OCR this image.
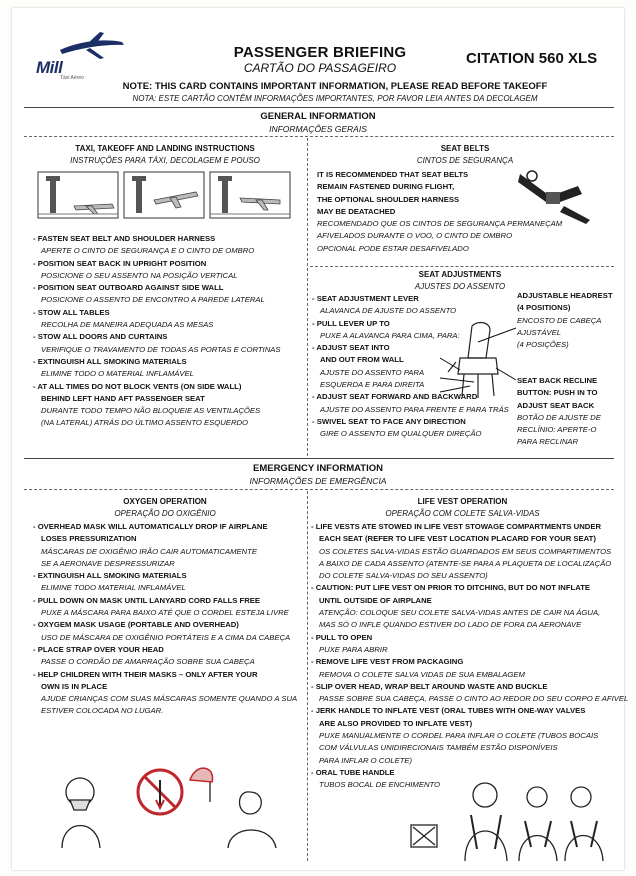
Mill
Táxi Aéreo
PASSENGER BRIEFING
CARTÃO DO PASSAGEIRO
CITATION 560 XLS
NOTE: THIS CARD CONTAINS IMPORTANT INFORMATION, PLEASE READ BEFORE TAKEOFF
NOTA: ESTE CARTÃO CONTÊM INFORMAÇÕES IMPORTANTES, POR FAVOR LEIA ANTES DA DECOLAGEM
GENERAL INFORMATION
INFORMAÇÕES GERAIS
TAXI, TAKEOFF AND LANDING INSTRUCTIONS
INSTRUÇÕES PARA TÁXI, DECOLAGEM E POUSO
- FASTEN SEAT BELT AND SHOULDER HARNESS
APERTE O CINTO DE SEGURANÇA E O CINTO DE OMBRO
- POSITION SEAT BACK IN UPRIGHT POSITION
POSICIONE O SEU ASSENTO NA POSIÇÃO VERTICAL
- POSITION SEAT OUTBOARD AGAINST SIDE WALL
POSICIONE O ASSENTO DE ENCONTRO A PAREDE LATERAL
- STOW ALL TABLES
RECOLHA DE MANEIRA ADEQUADA AS MESAS
- STOW ALL DOORS AND CURTAINS
VERIFIQUE O TRAVAMENTO DE TODAS AS PORTAS E CORTINAS
- EXTINGUISH ALL SMOKING MATERIALS
ELIMINE TODO O MATERIAL INFLAMÁVEL
- AT ALL TIMES DO NOT BLOCK VENTS (ON SIDE WALL)
BEHIND LEFT HAND AFT PASSENGER SEAT
DURANTE TODO TEMPO NÃO BLOQUEIE AS VENTILAÇÕES
(NA LATERAL) ATRÁS DO ÚLTIMO ASSENTO ESQUERDO
SEAT BELTS
CINTOS DE SEGURANÇA
IT IS RECOMMENDED THAT SEAT BELTS
REMAIN FASTENED DURING FLIGHT,
THE OPTIONAL SHOULDER HARNESS
MAY BE DEATACHED
RECOMENDADO QUE OS CINTOS DE SEGURANÇA PERMANEÇAM
AFIVELADOS DURANTE O VOO, O CINTO DE OMBRO
OPCIONAL PODE ESTAR DESAFIVELADO
SEAT ADJUSTMENTS
AJUSTES DO ASSENTO
- SEAT ADJUSTMENT LEVER
ALAVANCA DE AJUSTE DO ASSENTO
- PULL LEVER UP TO
PUXE A ALAVANCA PARA CIMA, PARA:
- ADJUST SEAT INTO
AND OUT FROM WALL
AJUSTE DO ASSENTO PARA
ESQUERDA E PARA DIREITA
- ADJUST SEAT FORWARD AND BACKWARD
AJUSTE DO ASSENTO PARA FRENTE E PARA TRÁS
- SWIVEL SEAT TO FACE ANY DIRECTION
GIRE O ASSENTO EM QUALQUER DIREÇÃO
ADJUSTABLE HEADREST
(4 POSITIONS)
ENCOSTO DE CABEÇA
AJUSTÁVEL
(4 POSIÇÕES)
SEAT BACK RECLINE
BUTTON: PUSH IN TO
ADJUST SEAT BACK
BOTÃO DE AJUSTE DE
RECLÍNIO: APERTE-O
PARA RECLINAR
EMERGENCY INFORMATION
INFORMAÇÕES DE EMERGÊNCIA
OXYGEN OPERATION
OPERAÇÃO DO OXIGÊNIO
- OVERHEAD MASK WILL AUTOMATICALLY DROP IF AIRPLANE
LOSES PRESSURIZATION
MÁSCARAS DE OXIGÊNIO IRÃO CAIR AUTOMATICAMENTE
SE A AERONAVE DESPRESSURIZAR
- EXTINGUISH ALL SMOKING MATERIALS
ELIMINE TODO MATERIAL INFLAMÁVEL
- PULL DOWN ON MASK UNTIL LANYARD CORD FALLS FREE
PUXE A MÁSCARA PARA BAIXO ATÉ QUE O CORDEL ESTEJA LIVRE
- OXYGEM MASK USAGE (PORTABLE AND OVERHEAD)
USO DE MÁSCARA DE OXIGÊNIO PORTÁTEIS E A CIMA DA CABEÇA
- PLACE STRAP OVER YOUR HEAD
PASSE O CORDÃO DE AMARRAÇÃO SOBRE SUA CABEÇA
- HELP CHILDREN WITH THEIR MASKS – ONLY AFTER YOUR
OWN IS IN PLACE
AJUDE CRIANÇAS COM SUAS MÁSCARAS SOMENTE QUANDO A SUA
ESTIVER COLOCADA NO LUGAR.
LIFE VEST OPERATION
OPERAÇÃO COM COLETE SALVA-VIDAS
- LIFE VESTS ATE STOWED IN LIFE VEST STOWAGE COMPARTMENTS UNDER
EACH SEAT (REFER TO LIFE VEST LOCATION PLACARD FOR YOUR SEAT)
OS COLETES SALVA-VIDAS ESTÃO GUARDADOS EM SEUS COMPARTIMENTOS
A BAIXO DE CADA ASSENTO (ATENTE-SE PARA A PLAQUETA DE LOCALIZAÇÃO
DO COLETE SALVA-VIDAS DO SEU ASSENTO)
- CAUTION: PUT LIFE VEST ON PRIOR TO DITCHING, BUT DO NOT INFLATE
UNTIL OUTSIDE OF AIRPLANE
ATENÇÃO: COLOQUE SEU COLETE SALVA-VIDAS ANTES DE CAIR NA ÁGUA,
MAS SÓ O INFLE QUANDO ESTIVER DO LADO DE FORA DA AERONAVE
- PULL TO OPEN
PUXE PARA ABRIR
- REMOVE LIFE VEST FROM PACKAGING
REMOVA O COLETE SALVA VIDAS DE SUA EMBALAGEM
- SLIP OVER HEAD, WRAP BELT AROUND WASTE AND BUCKLE
PASSE SOBRE SUA CABEÇA, PASSE O CINTO AO REDOR DO SEU CORPO E AFIVEL
- JERK HANDLE TO INFLATE VEST (ORAL TUBES WITH ONE-WAY VALVES
ARE ALSO PROVIDED TO INFLATE VEST)
PUXE MANUALMENTE O CORDEL PARA INFLAR O COLETE (TUBOS BOCAIS
COM VÁLVULAS UNIDIRECIONAIS TAMBÉM ESTÃO DISPONÍVEIS
PARA INFLAR O COLETE)
- ORAL TUBE HANDLE
TUBOS BOCAL DE ENCHIMENTO
